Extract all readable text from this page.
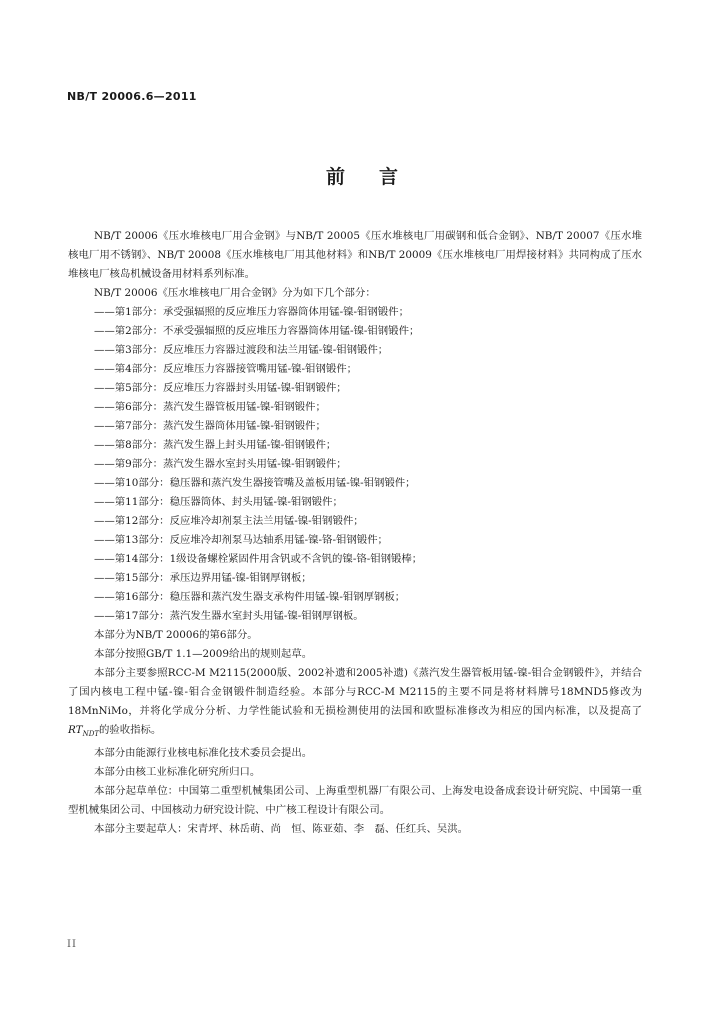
NB/T 20006.6—2011
前言

NB/T 20006《压水堆核电厂用合金钢》与NB/T 20005《压水堆核电厂用碳钢和低合金钢》、NB/T 20007《压水堆核电厂用不锈钢》、NB/T 20008《压水堆核电厂用其他材料》和NB/T 20009《压水堆核电厂用焊接材料》共同构成了压水堆核电厂核岛机械设备用材料系列标准。

NB/T 20006《压水堆核电厂用合金钢》分为如下几个部分：

——第1部分：承受强辐照的反应堆压力容器筒体用锰-镍-钼钢锻件；

——第2部分：不承受强辐照的反应堆压力容器筒体用锰-镍-钼钢锻件；

——第3部分：反应堆压力容器过渡段和法兰用锰-镍-钼钢锻件；

——第4部分：反应堆压力容器接管嘴用锰-镍-钼钢锻件；

——第5部分：反应堆压力容器封头用锰-镍-钼钢锻件；

——第6部分：蒸汽发生器管板用锰-镍-钼钢锻件；

——第7部分：蒸汽发生器筒体用锰-镍-钼钢锻件；

——第8部分：蒸汽发生器上封头用锰-镍-钼钢锻件；

——第9部分：蒸汽发生器水室封头用锰-镍-钼钢锻件；

——第10部分：稳压器和蒸汽发生器接管嘴及盖板用锰-镍-钼钢锻件；

——第11部分：稳压器筒体、封头用锰-镍-钼钢锻件；

——第12部分：反应堆冷却剂泵主法兰用锰-镍-钼钢锻件；

——第13部分：反应堆冷却剂泵马达轴系用锰-镍-铬-钼钢锻件；

——第14部分：1级设备螺栓紧固件用含钒或不含钒的镍-铬-钼钢锻棒；

——第15部分：承压边界用锰-镍-钼钢厚钢板；

——第16部分：稳压器和蒸汽发生器支承构件用锰-镍-钼钢厚钢板；

——第17部分：蒸汽发生器水室封头用锰-镍-钼钢厚钢板。

本部分为NB/T 20006的第6部分。

本部分按照GB/T 1.1—2009给出的规则起草。

本部分主要参照RCC-M M2115(2000版、2002补遗和2005补遗)《蒸汽发生器管板用锰-镍-钼合金钢锻件》，并结合了国内核电工程中锰-镍-钼合金钢锻件制造经验。本部分与RCC-M M2115的主要不同是将材料牌号18MND5修改为18MnNiMo，并将化学成分分析、力学性能试验和无损检测使用的法国和欧盟标准修改为相应的国内标准，以及提高了$RT_{NDT}$的验收指标。

本部分由能源行业核电标准化技术委员会提出。

本部分由核工业标准化研究所归口。

本部分起草单位：中国第二重型机械集团公司、上海重型机器厂有限公司、上海发电设备成套设计研究院、中国第一重型机械集团公司、中国核动力研究设计院、中广核工程设计有限公司。

本部分主要起草人：宋青坪、林岳萌、尚　恒、陈亚茹、李　磊、任红兵、吴洪。

II
